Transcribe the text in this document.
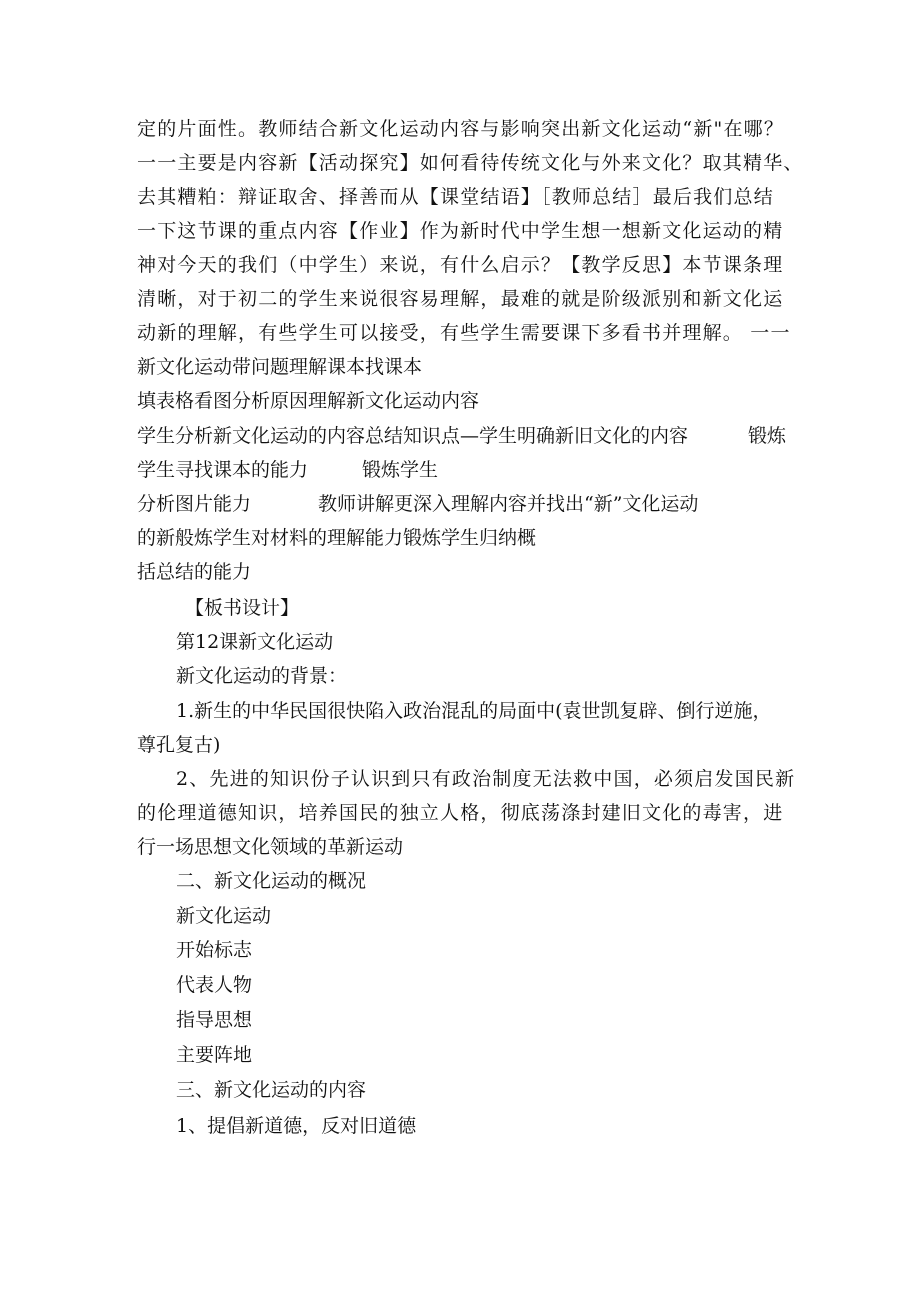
定的片面性。教师结合新文化运动内容与影响突出新文化运动“新"在哪？
一一主要是内容新【活动探究】如何看待传统文化与外来文化？取其精华、
去其糟粕：辩证取舍、择善而从【课堂结语】［教师总结］最后我们总结
一下这节课的重点内容【作业】作为新时代中学生想一想新文化运动的精
神对今天的我们（中学生）来说，有什么启示？【教学反思】本节课条理
清晰，对于初二的学生来说很容易理解，最难的就是阶级派别和新文化运
动新的理解，有些学生可以接受，有些学生需要课下多看书并理解。 一一
新文化运动带问题理解课本找课本
填表格看图分析原因理解新文化运动内容
学生分析新文化运动的内容总结知识点—学生明确新旧文化的内容	锻炼
学生寻找课本的能力	锻炼学生
分析图片能力	教师讲解更深入理解内容并找出“新”文化运动
的新般炼学生对材料的理解能力锻炼学生归纳概
括总结的能力
【板书设计】
第12课新文化运动
新文化运动的背景：
1.新生的中华民国很快陷入政治混乱的局面中(袁世凯复辟、倒行逆施，
尊孔复古)
2、先进的知识份子认识到只有政治制度无法救中国，必须启发国民新
的伦理道德知识，培养国民的独立人格，彻底荡涤封建旧文化的毒害，进
行一场思想文化领域的革新运动
二、新文化运动的概况
新文化运动
开始标志
代表人物
指导思想
主要阵地
三、新文化运动的内容
1、提倡新道德，反对旧道德
